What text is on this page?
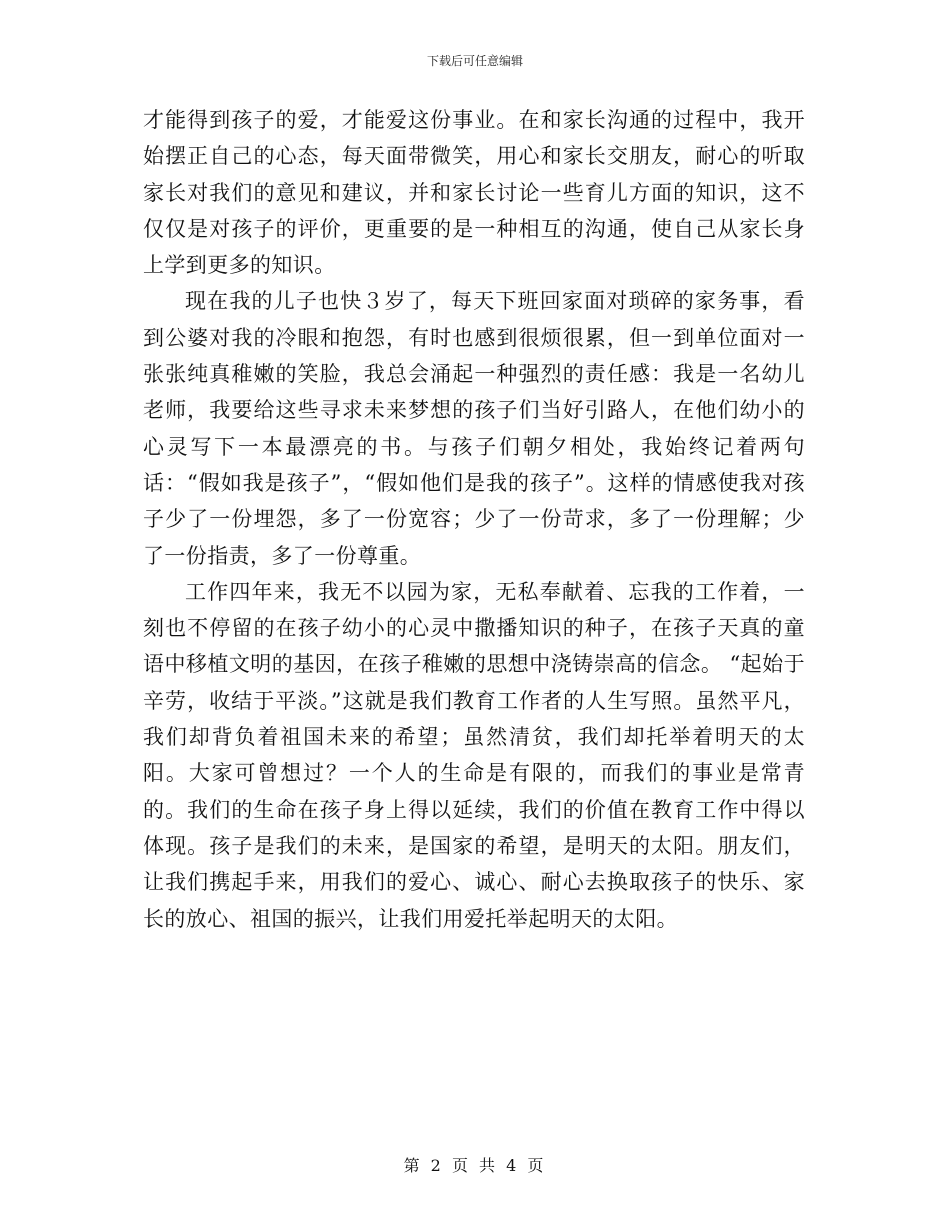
下载后可任意编辑

才能得到孩子的爱，才能爱这份事业。在和家长沟通的过程中，我开始摆正自己的心态，每天面带微笑，用心和家长交朋友，耐心的听取家长对我们的意见和建议，并和家长讨论一些育儿方面的知识，这不仅仅是对孩子的评价，更重要的是一种相互的沟通，使自己从家长身上学到更多的知识。

现在我的儿子也快３岁了，每天下班回家面对琐碎的家务事，看到公婆对我的冷眼和抱怨，有时也感到很烦很累，但一到单位面对一张张纯真稚嫩的笑脸，我总会涌起一种强烈的责任感：我是一名幼儿老师，我要给这些寻求未来梦想的孩子们当好引路人，在他们幼小的心灵写下一本最漂亮的书。与孩子们朝夕相处，我始终记着两句话：“假如我是孩子”，“假如他们是我的孩子”。这样的情感使我对孩子少了一份埋怨，多了一份宽容；少了一份苛求，多了一份理解；少了一份指责，多了一份尊重。

工作四年来，我无不以园为家，无私奉献着、忘我的工作着，一刻也不停留的在孩子幼小的心灵中撒播知识的种子，在孩子天真的童语中移植文明的基因，在孩子稚嫩的思想中浇铸崇高的信念。 “起始于辛劳，收结于平淡。”这就是我们教育工作者的人生写照。虽然平凡，我们却背负着祖国未来的希望；虽然清贫，我们却托举着明天的太阳。大家可曾想过？一个人的生命是有限的，而我们的事业是常青的。我们的生命在孩子身上得以延续，我们的价值在教育工作中得以体现。孩子是我们的未来，是国家的希望，是明天的太阳。朋友们，让我们携起手来，用我们的爱心、诚心、耐心去换取孩子的快乐、家长的放心、祖国的振兴，让我们用爱托举起明天的太阳。

第 2 页 共 4 页
